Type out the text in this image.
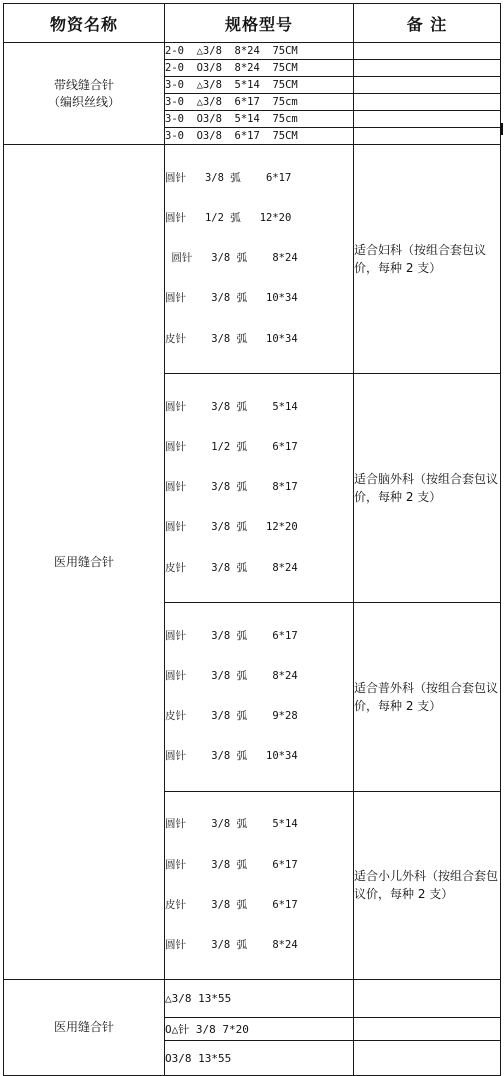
物资名称	规格型号	备 注

带线缝合针
（编织丝线）	2-0  △3/8  8*24  75CM	
	2-0  O3/8  8*24  75CM	
	3-0  △3/8  5*14  75CM	
	3-0  △3/8  6*17  75cm	
	3-0  O3/8  5*14  75cm	
	3-0  O3/8  6*17  75CM	

医用缝合针	圆针   3/8 弧    6*17

圆针   1/2 弧   12*20

圆针   3/8 弧    8*24

圆针    3/8 弧   10*34

皮针    3/8 弧   10*34	适合妇科（按组合套包议价，每种 2 支）

	圆针    3/8 弧    5*14

圆针    1/2 弧    6*17

圆针    3/8 弧    8*17

圆针    3/8 弧   12*20

皮针    3/8 弧    8*24	适合脑外科（按组合套包议价，每种 2 支）

	圆针    3/8 弧    6*17

圆针    3/8 弧    8*24

皮针    3/8 弧    9*28

圆针    3/8 弧   10*34	适合普外科（按组合套包议价，每种 2 支）

	圆针    3/8 弧    5*14

圆针    3/8 弧    6*17

皮针    3/8 弧    6*17

圆针    3/8 弧    8*24	适合小儿外科（按组合套包议价，每种 2 支）

医用缝合针	△3/8 13*55	
	O△针 3/8 7*20	
	O3/8 13*55	
